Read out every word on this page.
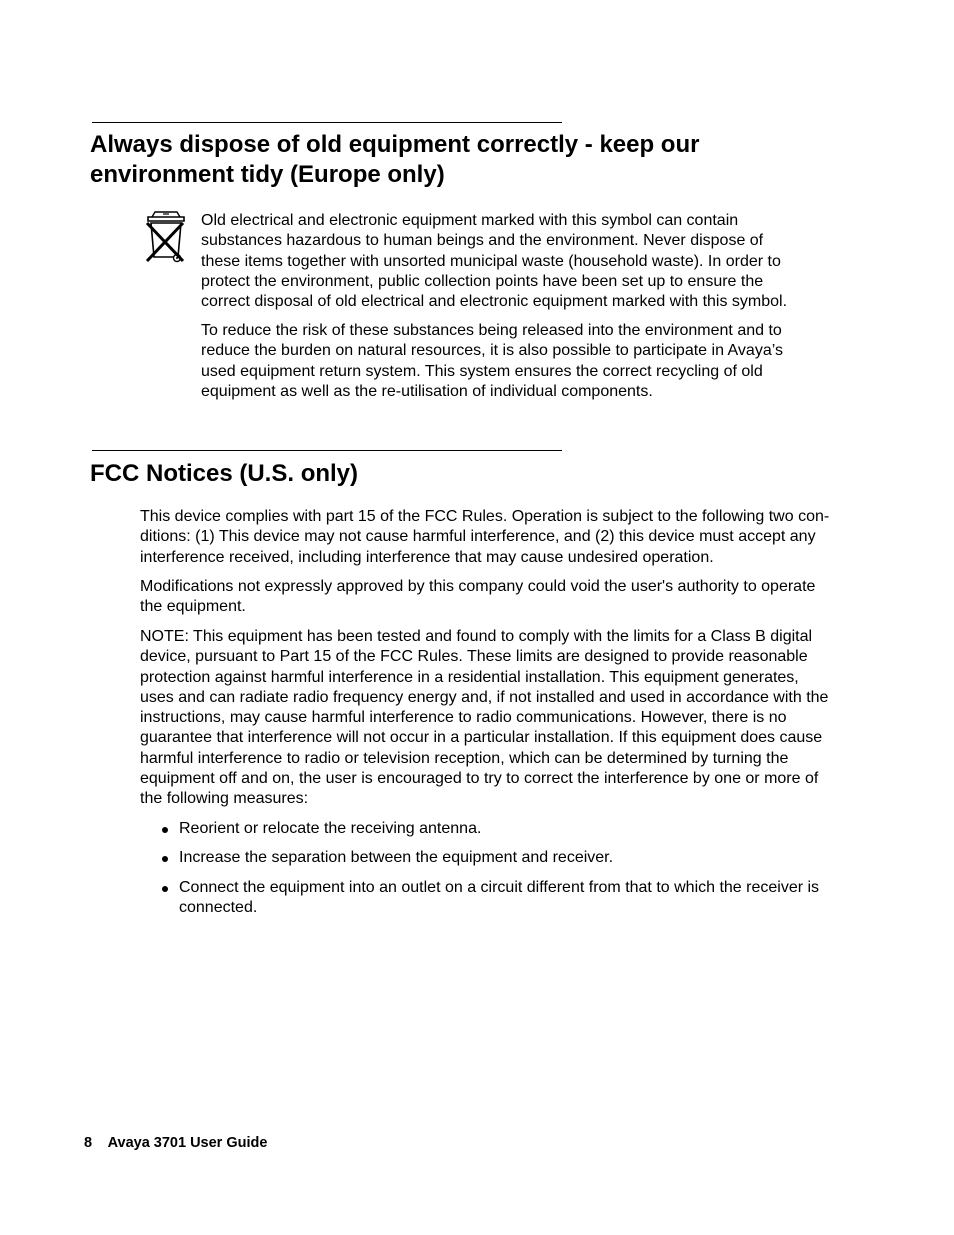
Always dispose of old equipment correctly - keep our
environment tidy (Europe only)

Old electrical and electronic equipment marked with this symbol can contain
substances hazardous to human beings and the environment. Never dispose of
these items together with unsorted municipal waste (household waste). In order to
protect the environment, public collection points have been set up to ensure the
correct disposal of old electrical and electronic equipment marked with this symbol.

To reduce the risk of these substances being released into the environment and to
reduce the burden on natural resources, it is also possible to participate in Avaya’s
used equipment return system. This system ensures the correct recycling of old
equipment as well as the re-utilisation of individual components.

FCC Notices (U.S. only)

This device complies with part 15 of the FCC Rules. Operation is subject to the following two con-
ditions: (1) This device may not cause harmful interference, and (2) this device must accept any
interference received, including interference that may cause undesired operation.

Modifications not expressly approved by this company could void the user's authority to operate
the equipment.

NOTE: This equipment has been tested and found to comply with the limits for a Class B digital
device, pursuant to Part 15 of the FCC Rules. These limits are designed to provide reasonable
protection against harmful interference in a residential installation. This equipment generates,
uses and can radiate radio frequency energy and, if not installed and used in accordance with the
instructions, may cause harmful interference to radio communications. However, there is no
guarantee that interference will not occur in a particular installation. If this equipment does cause
harmful interference to radio or television reception, which can be determined by turning the
equipment off and on, the user is encouraged to try to correct the interference by one or more of
the following measures:

Reorient or relocate the receiving antenna.
Increase the separation between the equipment and receiver.
Connect the equipment into an outlet on a circuit different from that to which the receiver is
connected.
8 Avaya 3701 User Guide
